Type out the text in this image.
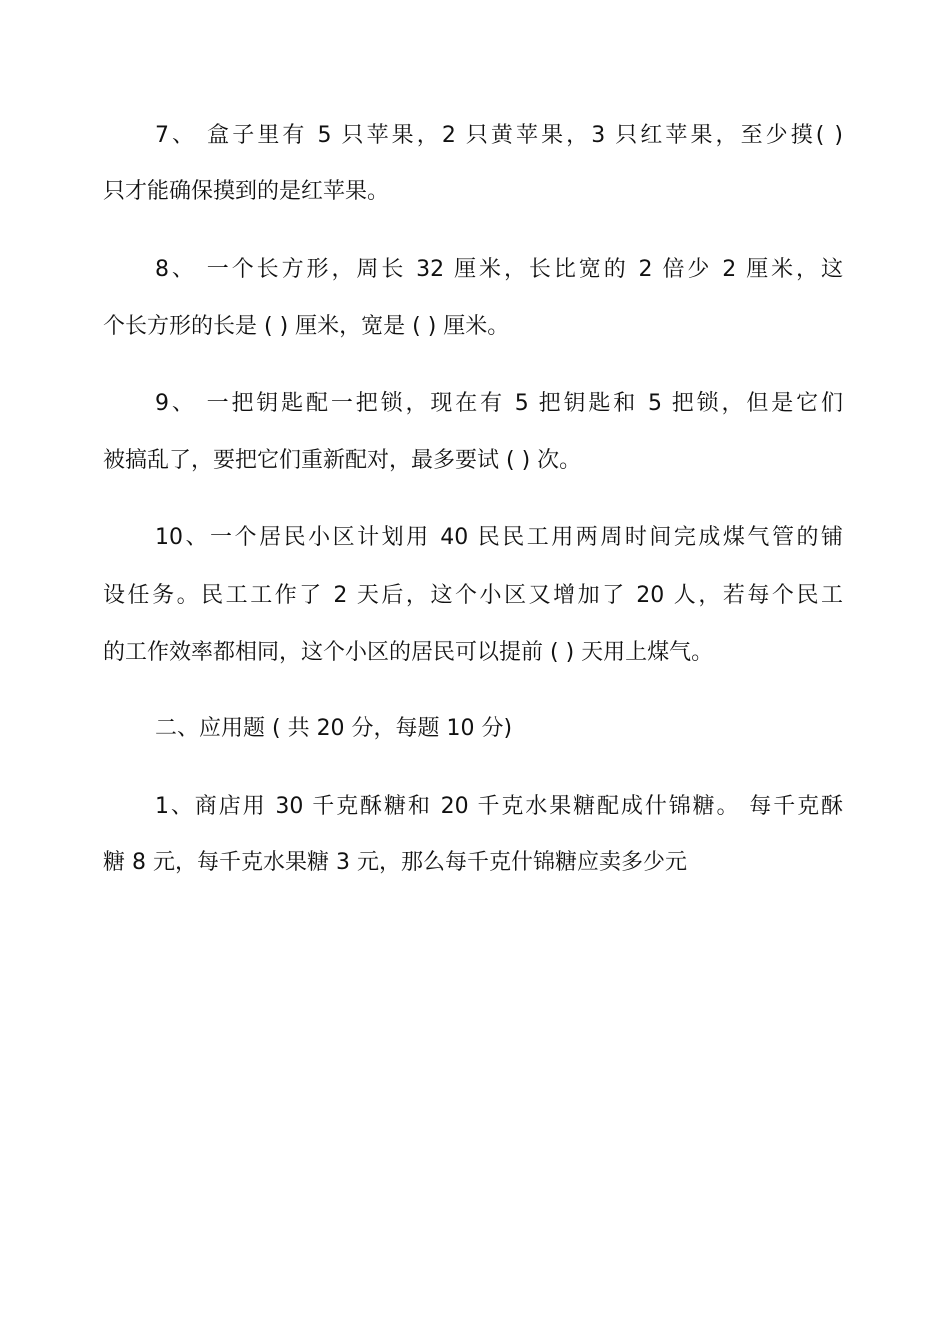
7、 盒子里有 5 只苹果，2 只黄苹果，3 只红苹果，至少摸( )
只才能确保摸到的是红苹果。
8、 一个长方形，周长 32 厘米，长比宽的 2 倍少 2 厘米，这
个长方形的长是 ( ) 厘米，宽是 ( ) 厘米。
9、 一把钥匙配一把锁，现在有 5 把钥匙和 5 把锁，但是它们
被搞乱了，要把它们重新配对，最多要试 ( ) 次。
10、一个居民小区计划用 40 民民工用两周时间完成煤气管的铺
设任务。民工工作了 2 天后，这个小区又增加了 20 人，若每个民工
的工作效率都相同，这个小区的居民可以提前 ( ) 天用上煤气。
二、应用题 ( 共 20 分，每题 10 分)
1、商店用 30 千克酥糖和 20 千克水果糖配成什锦糖。 每千克酥
糖 8 元，每千克水果糖 3 元，那么每千克什锦糖应卖多少元
